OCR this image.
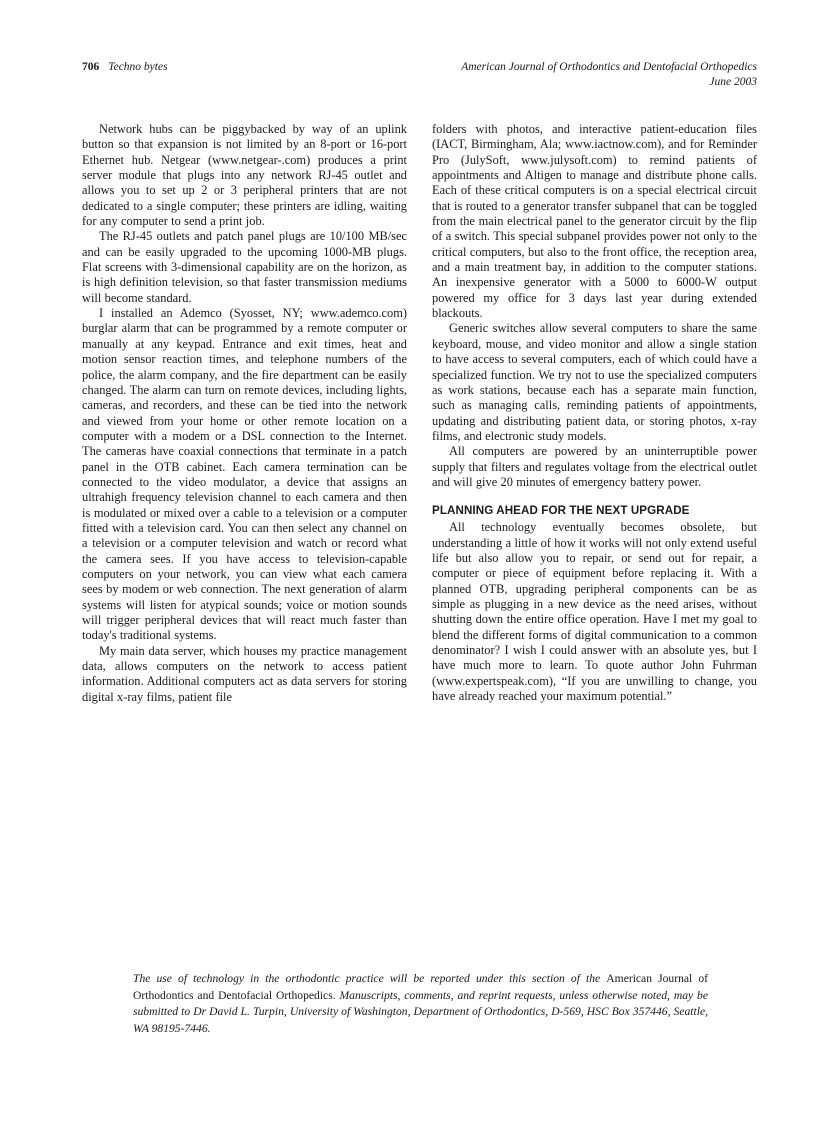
706 Techno bytes	American Journal of Orthodontics and Dentofacial Orthopedics
June 2003

Network hubs can be piggybacked by way of an uplink button so that expansion is not limited by an 8-port or 16-port Ethernet hub. Netgear (www.netgear-.com) produces a print server module that plugs into any network RJ-45 outlet and allows you to set up 2 or 3 peripheral printers that are not dedicated to a single computer; these printers are idling, waiting for any computer to send a print job.

The RJ-45 outlets and patch panel plugs are 10/100 MB/sec and can be easily upgraded to the upcoming 1000-MB plugs. Flat screens with 3-dimensional capability are on the horizon, as is high definition television, so that faster transmission mediums will become standard.

I installed an Ademco (Syosset, NY; www.ademco.com) burglar alarm that can be programmed by a remote computer or manually at any keypad. Entrance and exit times, heat and motion sensor reaction times, and telephone numbers of the police, the alarm company, and the fire department can be easily changed. The alarm can turn on remote devices, including lights, cameras, and recorders, and these can be tied into the network and viewed from your home or other remote location on a computer with a modem or a DSL connection to the Internet. The cameras have coaxial connections that terminate in a patch panel in the OTB cabinet. Each camera termination can be connected to the video modulator, a device that assigns an ultrahigh frequency television channel to each camera and then is modulated or mixed over a cable to a television or a computer fitted with a television card. You can then select any channel on a television or a computer television and watch or record what the camera sees. If you have access to television-capable computers on your network, you can view what each camera sees by modem or web connection. The next generation of alarm systems will listen for atypical sounds; voice or motion sounds will trigger peripheral devices that will react much faster than today's traditional systems.

My main data server, which houses my practice management data, allows computers on the network to access patient information. Additional computers act as data servers for storing digital x-ray films, patient file

folders with photos, and interactive patient-education files (IACT, Birmingham, Ala; www.iactnow.com), and for Reminder Pro (JulySoft, www.julysoft.com) to remind patients of appointments and Altigen to manage and distribute phone calls. Each of these critical computers is on a special electrical circuit that is routed to a generator transfer subpanel that can be toggled from the main electrical panel to the generator circuit by the flip of a switch. This special subpanel provides power not only to the critical computers, but also to the front office, the reception area, and a main treatment bay, in addition to the computer stations. An inexpensive generator with a 5000 to 6000-W output powered my office for 3 days last year during extended blackouts.

Generic switches allow several computers to share the same keyboard, mouse, and video monitor and allow a single station to have access to several computers, each of which could have a specialized function. We try not to use the specialized computers as work stations, because each has a separate main function, such as managing calls, reminding patients of appointments, updating and distributing patient data, or storing photos, x-ray films, and electronic study models.

All computers are powered by an uninterruptible power supply that filters and regulates voltage from the electrical outlet and will give 20 minutes of emergency battery power.

PLANNING AHEAD FOR THE NEXT UPGRADE

All technology eventually becomes obsolete, but understanding a little of how it works will not only extend useful life but also allow you to repair, or send out for repair, a computer or piece of equipment before replacing it. With a planned OTB, upgrading peripheral components can be as simple as plugging in a new device as the need arises, without shutting down the entire office operation. Have I met my goal to blend the different forms of digital communication to a common denominator? I wish I could answer with an absolute yes, but I have much more to learn. To quote author John Fuhrman (www.expertspeak.com), “If you are unwilling to change, you have already reached your maximum potential.”

The use of technology in the orthodontic practice will be reported under this section of the American Journal of Orthodontics and Dentofacial Orthopedics. Manuscripts, comments, and reprint requests, unless otherwise noted, may be submitted to Dr David L. Turpin, University of Washington, Department of Orthodontics, D-569, HSC Box 357446, Seattle, WA 98195-7446.
